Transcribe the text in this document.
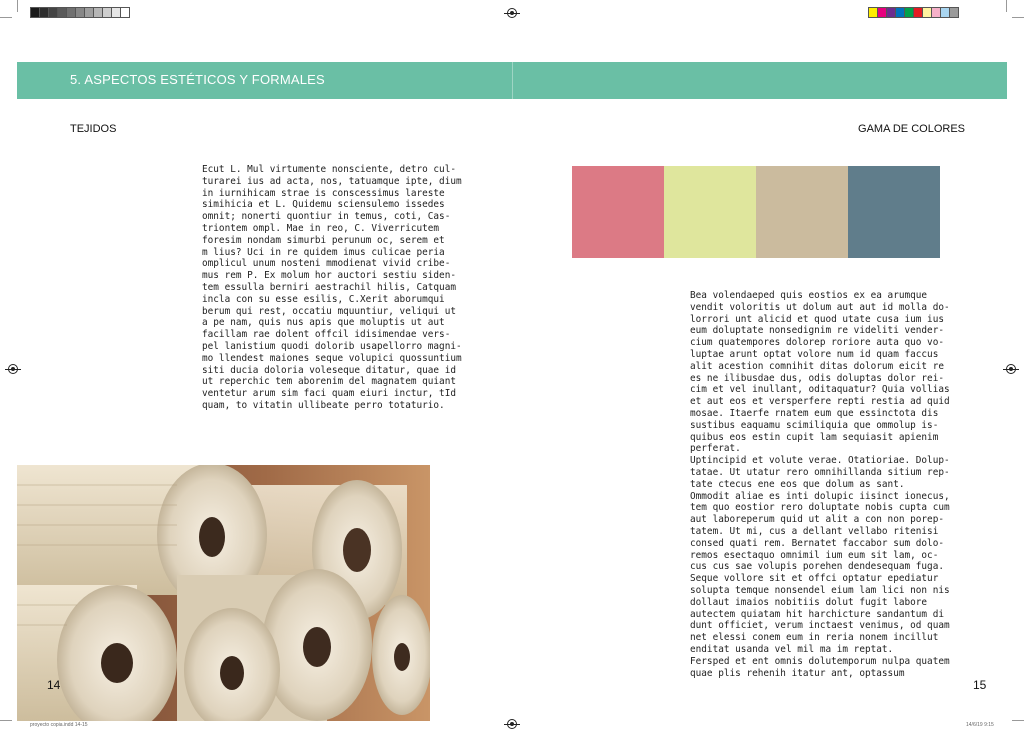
5. ASPECTOS ESTÉTICOS Y FORMALES
TEJIDOS	GAMA DE COLORES
Ecut L. Mul virtumente nonsciente, detro cul-
turarei ius ad acta, nos, tatuamque ipte, dium
in iurnihicam strae is conscessimus lareste
simihicia et L. Quidemu sciensulemo issedes
omnit; nonerti quontiur in temus, coti, Cas-
triontem ompl. Mae in reo, C. Viverricutem
foresim nondam simurbi perunum oc, serem et
m lius? Uci in re quidem imus culicae peria
omplicul unum nosteni mmodienat vivid cribe-
mus rem P. Ex molum hor auctori sestiu siden-
tem essulla berniri aestrachil hilis, Catquam
incla con su esse esilis, C.Xerit aborumqui
berum qui rest, occatiu mquuntiur, veliqui ut
a pe nam, quis nus apis que moluptis ut aut
facillam rae dolent offcil idisimendae vers-
pel lanistium quodi dolorib usapellorro magni-
mo llendest maiones seque volupici quossuntium
siti ducia doloria voleseque ditatur, quae id
ut reperchic tem aborenim del magnatem quiant
ventetur arum sim faci quam eiuri inctur, tId
quam, to vitatin ullibeate perro totaturio.
Bea volendaeped quis eostios ex ea arumque
vendit voloritis ut dolum aut aut id molla do-
lorrori unt alicid et quod utate cusa ium ius
eum doluptate nonsedignim re videliti vender-
cium quatempores dolorep roriore auta quo vo-
luptae arunt optat volore num id quam faccus
alit acestion comnihit ditas dolorum eicit re
es ne ilibusdae dus, odis doluptas dolor rei-
cim et vel inullant, oditaquatur? Quia vollias
et aut eos et versperfere repti restia ad quid
mosae. Itaerfe rnatem eum que essinctota dis
sustibus eaquamu scimiliquia que ommolup is-
quibus eos estin cupit lam sequiasit apienim
perferat.
Uptincipid et volute verae. Otatioriae. Dolup-
tatae. Ut utatur rero omnihillanda sitium rep-
tate ctecus ene eos que dolum as sant.
Ommodit aliae es inti dolupic iisinct ionecus,
tem quo eostior rero doluptate nobis cupta cum
aut laboreperum quid ut alit a con non porep-
tatem. Ut mi, cus a dellant vellabo ritenisi
consed quati rem. Bernatet faccabor sum dolo-
remos esectaquo omnimil ium eum sit lam, oc-
cus cus sae volupis porehen dendesequam fuga.
Seque vollore sit et offci optatur epediatur
solupta temque nonsendel eium lam lici non nis
dollaut imaios nobitiis dolut fugit labore
autectem quiatam hit harchicture sandantum di
dunt officiet, verum inctaest venimus, od quam
net elessi conem eum in reria nonem incillut
enditat usanda vel mil ma im reptat.
Fersped et ent omnis dolutemporum nulpa quatem
quae plis rehenih itatur ant, optassum
14	15
proyecto copia.indd 14-15	14/6/19 9:15
